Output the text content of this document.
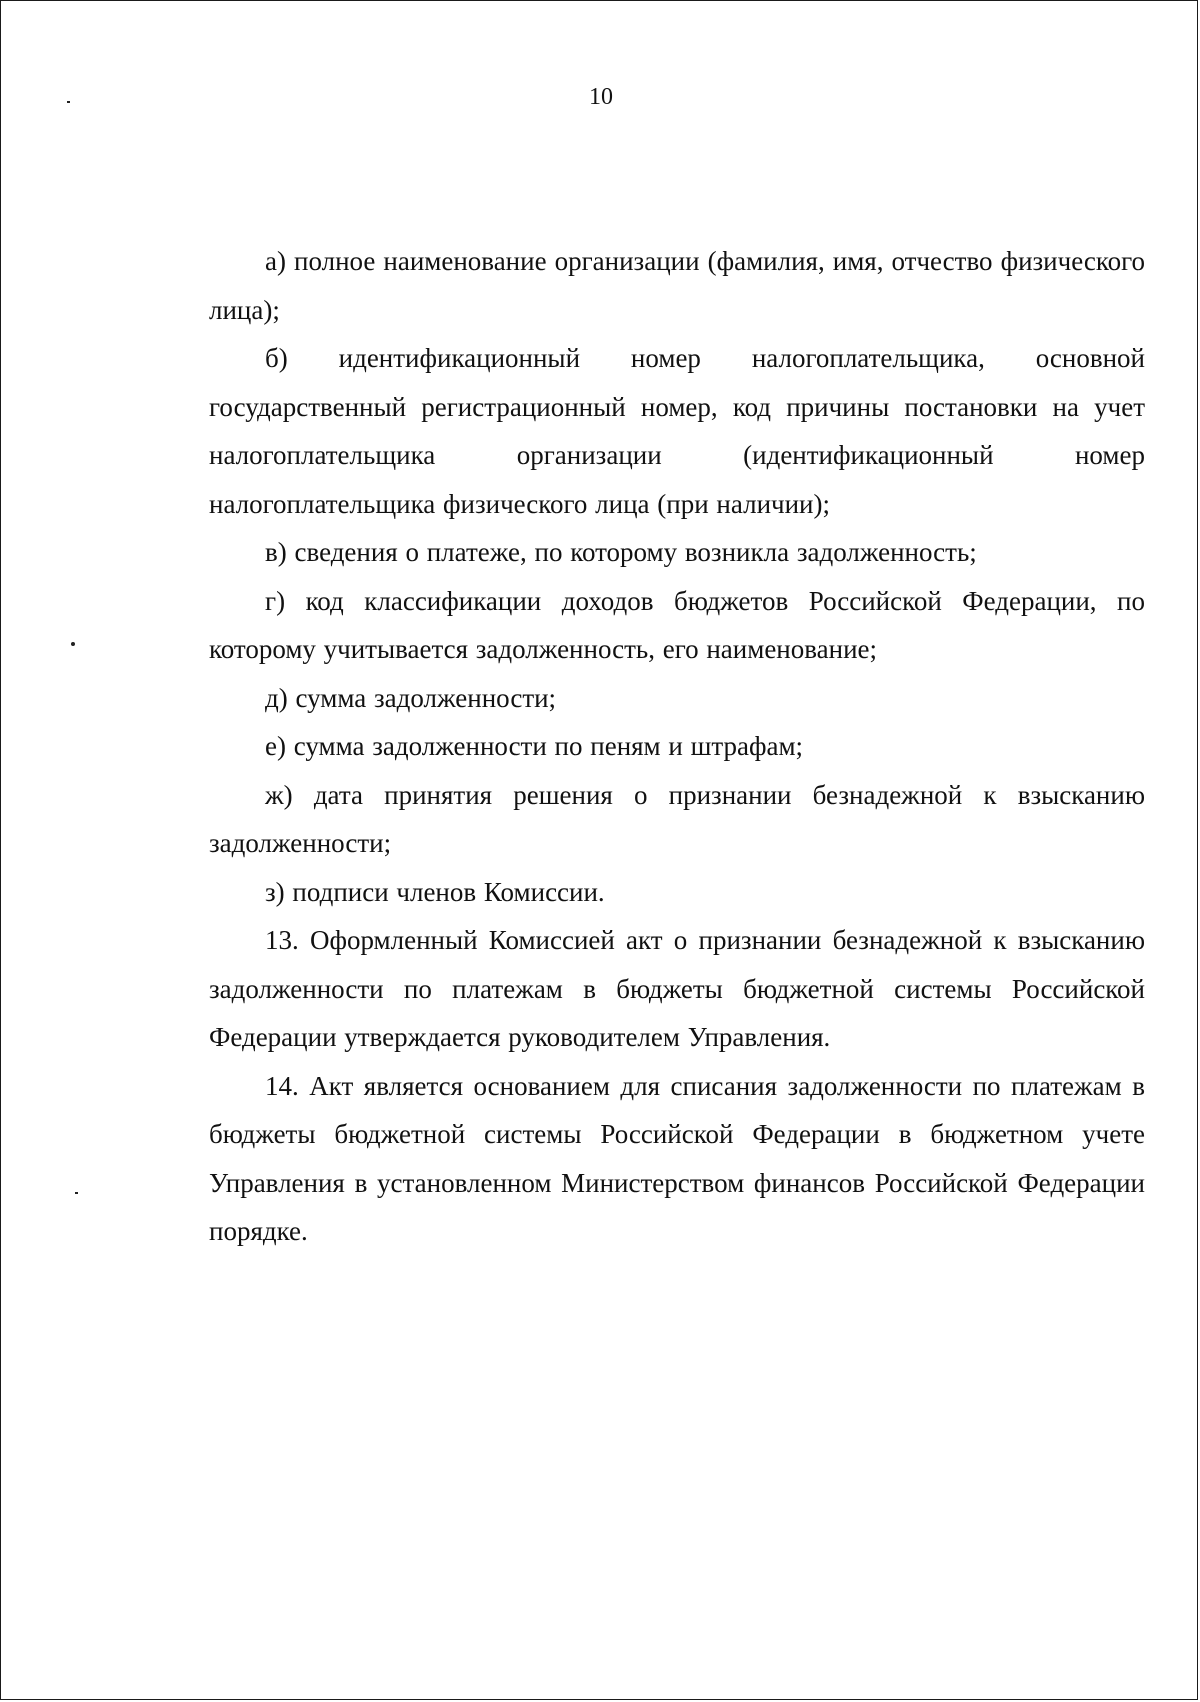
10

а) полное наименование организации (фамилия, имя, отчество физического лица);

б) идентификационный номер налогоплательщика, основной государственный регистрационный номер, код причины постановки на учет налогоплательщика организации (идентификационный номер налогоплательщика физического лица (при наличии);

в) сведения о платеже, по которому возникла задолженность;

г) код классификации доходов бюджетов Российской Федерации, по которому учитывается задолженность, его наименование;

д) сумма задолженности;

е) сумма задолженности по пеням и штрафам;

ж) дата принятия решения о признании безнадежной к взысканию задолженности;

з) подписи членов Комиссии.

13. Оформленный Комиссией акт о признании безнадежной к взысканию задолженности по платежам в бюджеты бюджетной системы Российской Федерации утверждается руководителем Управления.

14. Акт является основанием для списания задолженности по платежам в бюджеты бюджетной системы Российской Федерации в бюджетном учете Управления в установленном Министерством финансов Российской Федерации порядке.
